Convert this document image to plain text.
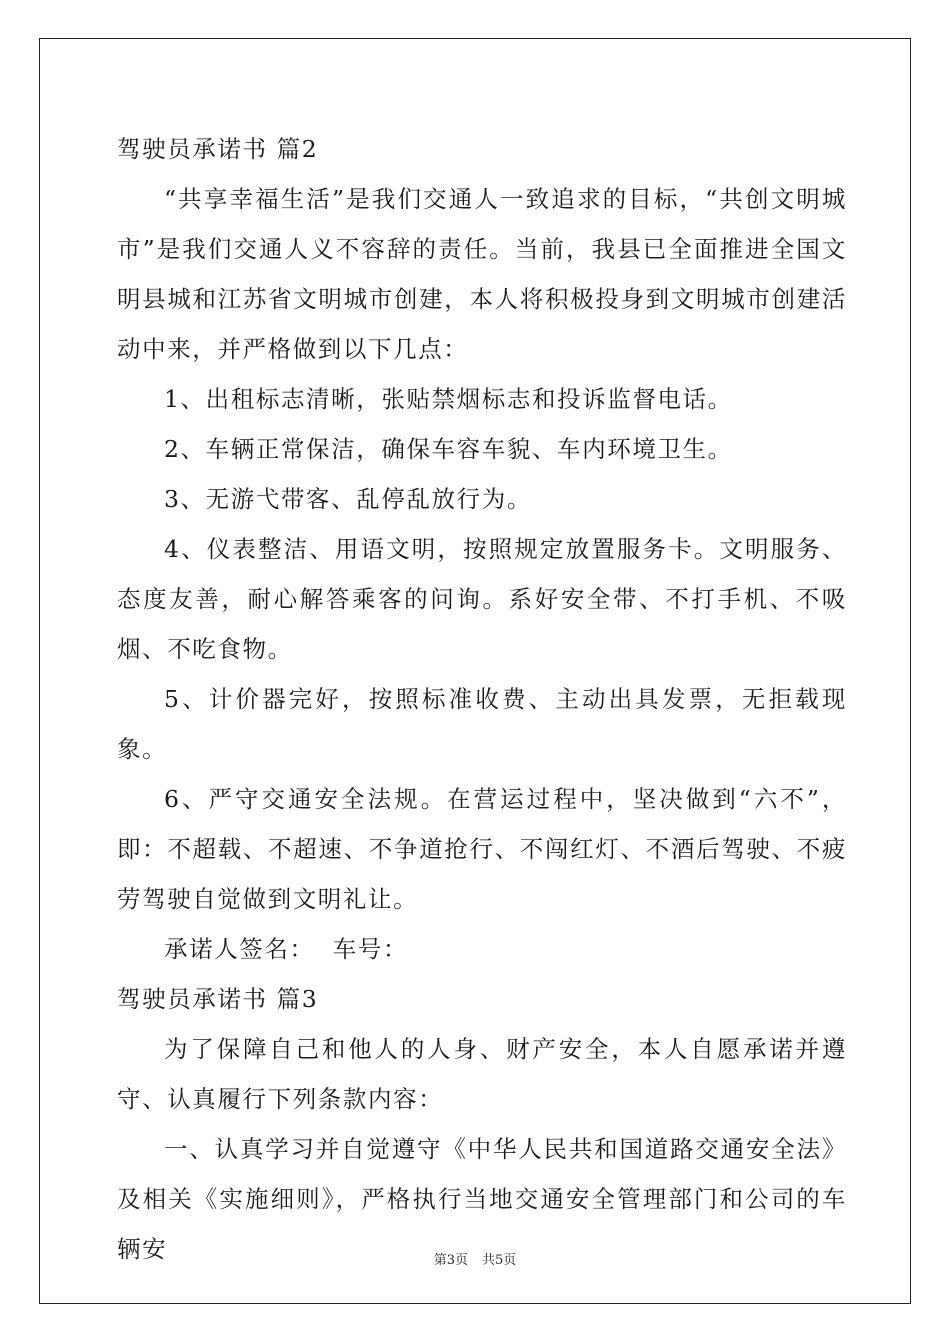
驾驶员承诺书 篇2

“共享幸福生活”是我们交通人一致追求的目标，“共创文明城市”是我们交通人义不容辞的责任。当前，我县已全面推进全国文明县城和江苏省文明城市创建，本人将积极投身到文明城市创建活动中来，并严格做到以下几点：

1、出租标志清晰，张贴禁烟标志和投诉监督电话。

2、车辆正常保洁，确保车容车貌、车内环境卫生。

3、无游弋带客、乱停乱放行为。

4、仪表整洁、用语文明，按照规定放置服务卡。文明服务、态度友善，耐心解答乘客的问询。系好安全带、不打手机、不吸烟、不吃食物。

5、计价器完好，按照标准收费、主动出具发票，无拒载现象。

6、严守交通安全法规。在营运过程中，坚决做到“六不”，即：不超载、不超速、不争道抢行、不闯红灯、不酒后驾驶、不疲劳驾驶自觉做到文明礼让。

承诺人签名：  车号：

驾驶员承诺书 篇3

为了保障自己和他人的人身、财产安全，本人自愿承诺并遵守、认真履行下列条款内容：

一、认真学习并自觉遵守《中华人民共和国道路交通安全法》及相关《实施细则》，严格执行当地交通安全管理部门和公司的车辆安	第3页 共5页
